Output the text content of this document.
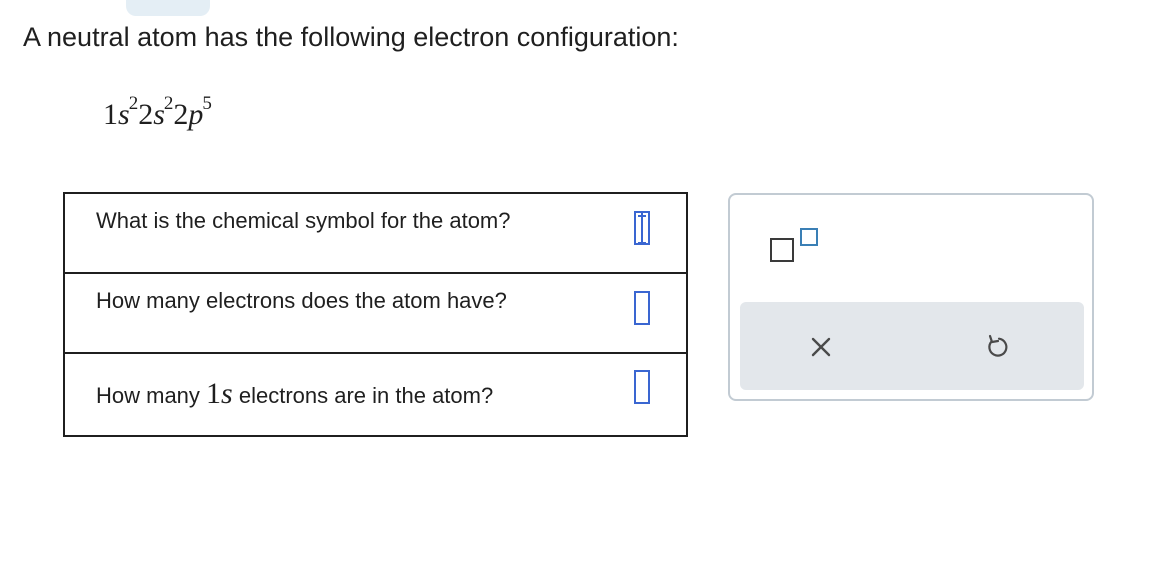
A neutral atom has the following electron configuration:
$1s^22s^22p^5$
What is the chemical symbol for the atom?
How many electrons does the atom have?
How many 1s electrons are in the atom?
